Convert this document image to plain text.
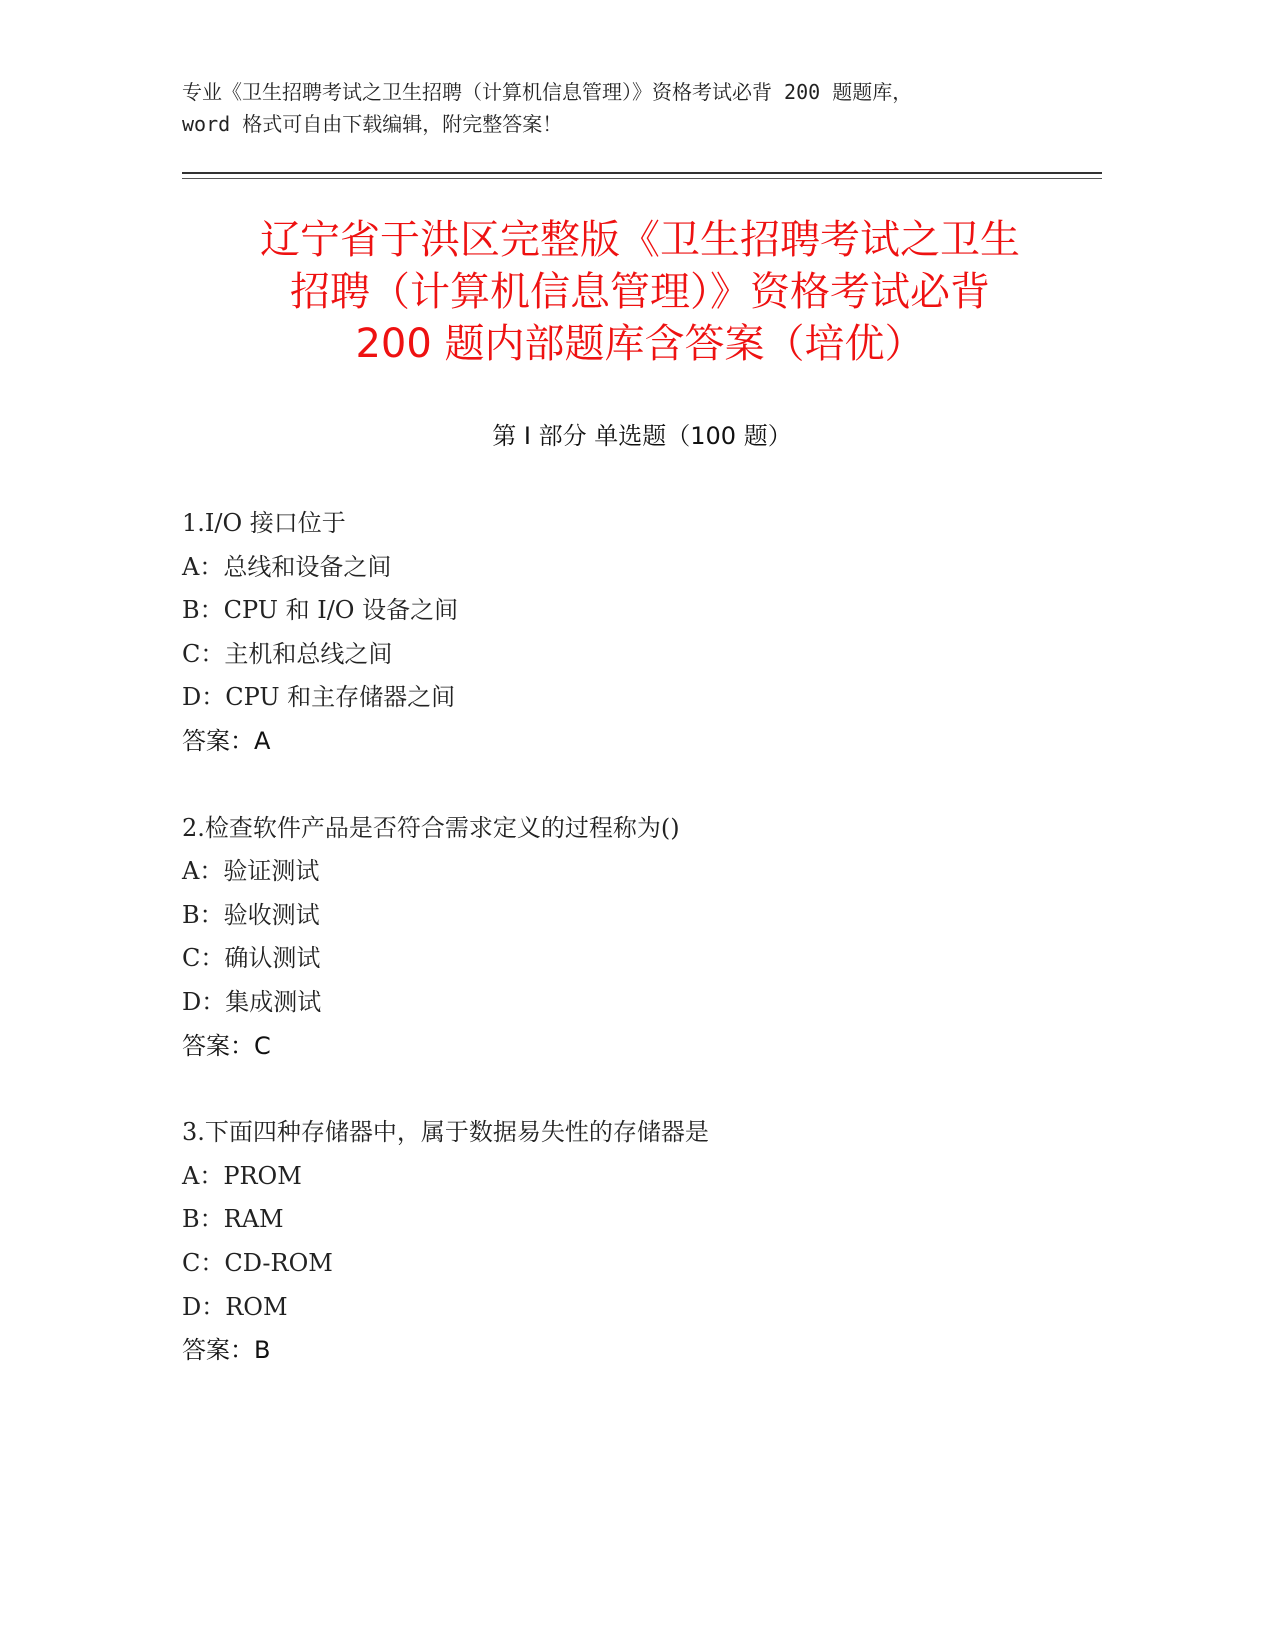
专业《卫生招聘考试之卫生招聘（计算机信息管理）》资格考试必背 200 题题库，
word 格式可自由下载编辑，附完整答案！
辽宁省于洪区完整版《卫生招聘考试之卫生
招聘（计算机信息管理）》资格考试必背
200 题内部题库含答案（培优）
第 I 部分 单选题（100 题）
1.I/O 接口位于
A：总线和设备之间
B：CPU 和 I/O 设备之间
C：主机和总线之间
D：CPU 和主存储器之间
答案：A
2.检查软件产品是否符合需求定义的过程称为()
A：验证测试
B：验收测试
C：确认测试
D：集成测试
答案：C
3.下面四种存储器中，属于数据易失性的存储器是
A：PROM
B：RAM
C：CD-ROM
D：ROM
答案：B
